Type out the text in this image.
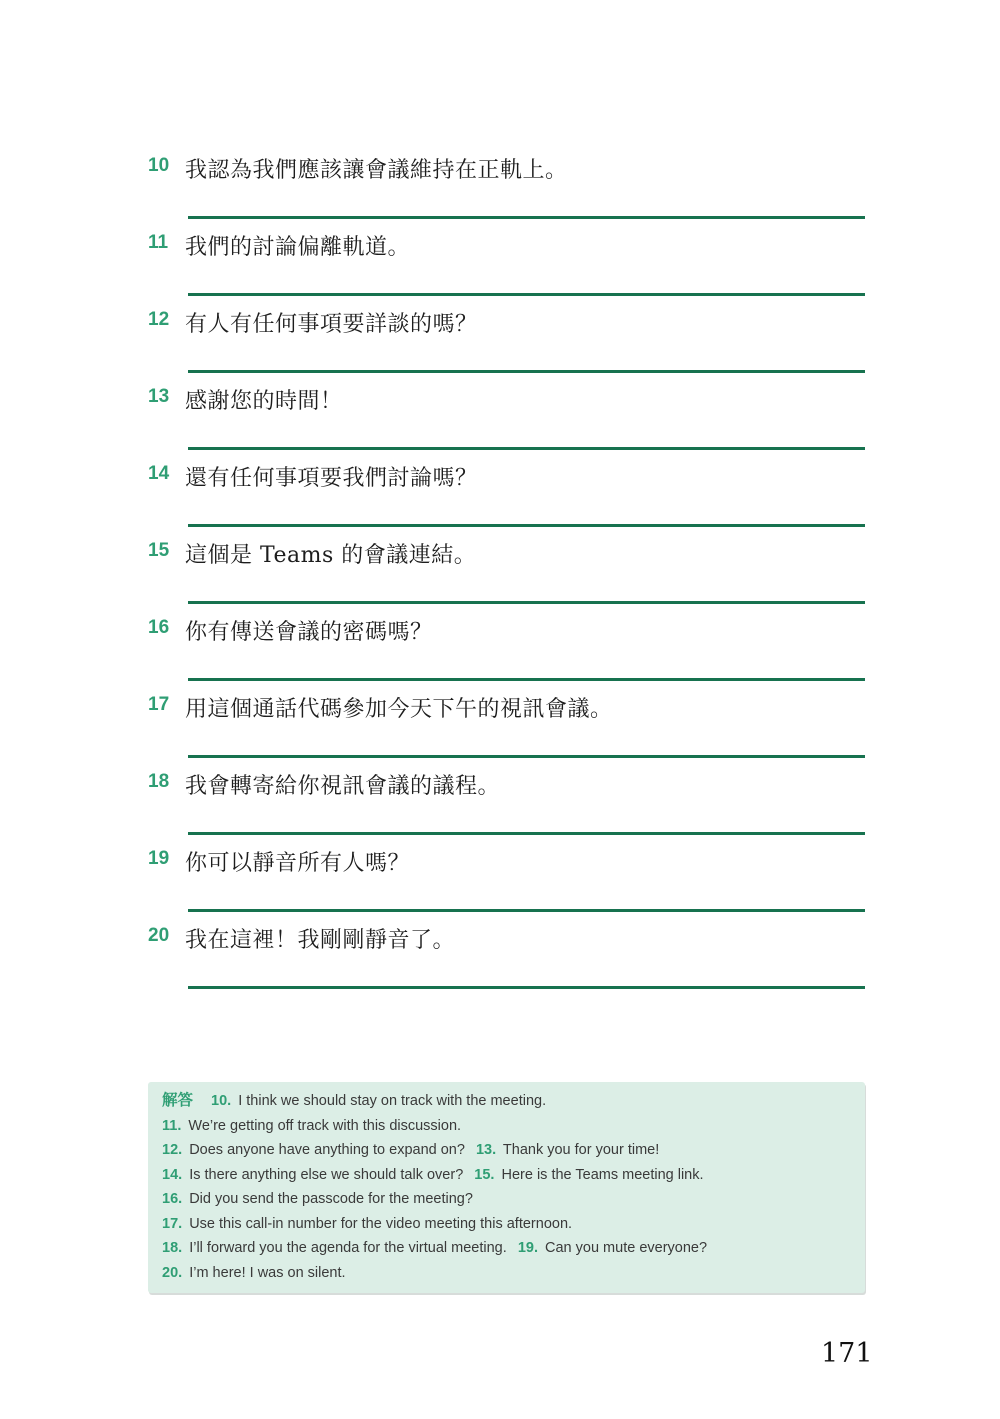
10 我認為我們應該讓會議維持在正軌上。
11 我們的討論偏離軌道。
12 有人有任何事項要詳談的嗎？
13 感謝您的時間！
14 還有任何事項要我們討論嗎？
15 這個是 Teams 的會議連結。
16 你有傳送會議的密碼嗎？
17 用這個通話代碼參加今天下午的視訊會議。
18 我會轉寄給你視訊會議的議程。
19 你可以靜音所有人嗎？
20 我在這裡！我剛剛靜音了。

解答 10. I think we should stay on track with the meeting.

11. We’re getting off track with this discussion.

12. Does anyone have anything to expand on? 13. Thank you for your time!

14. Is there anything else we should talk over? 15. Here is the Teams meeting link.

16. Did you send the passcode for the meeting?

17. Use this call-in number for the video meeting this afternoon.

18. I’ll forward you the agenda for the virtual meeting. 19. Can you mute everyone?

20. I’m here! I was on silent.

171
